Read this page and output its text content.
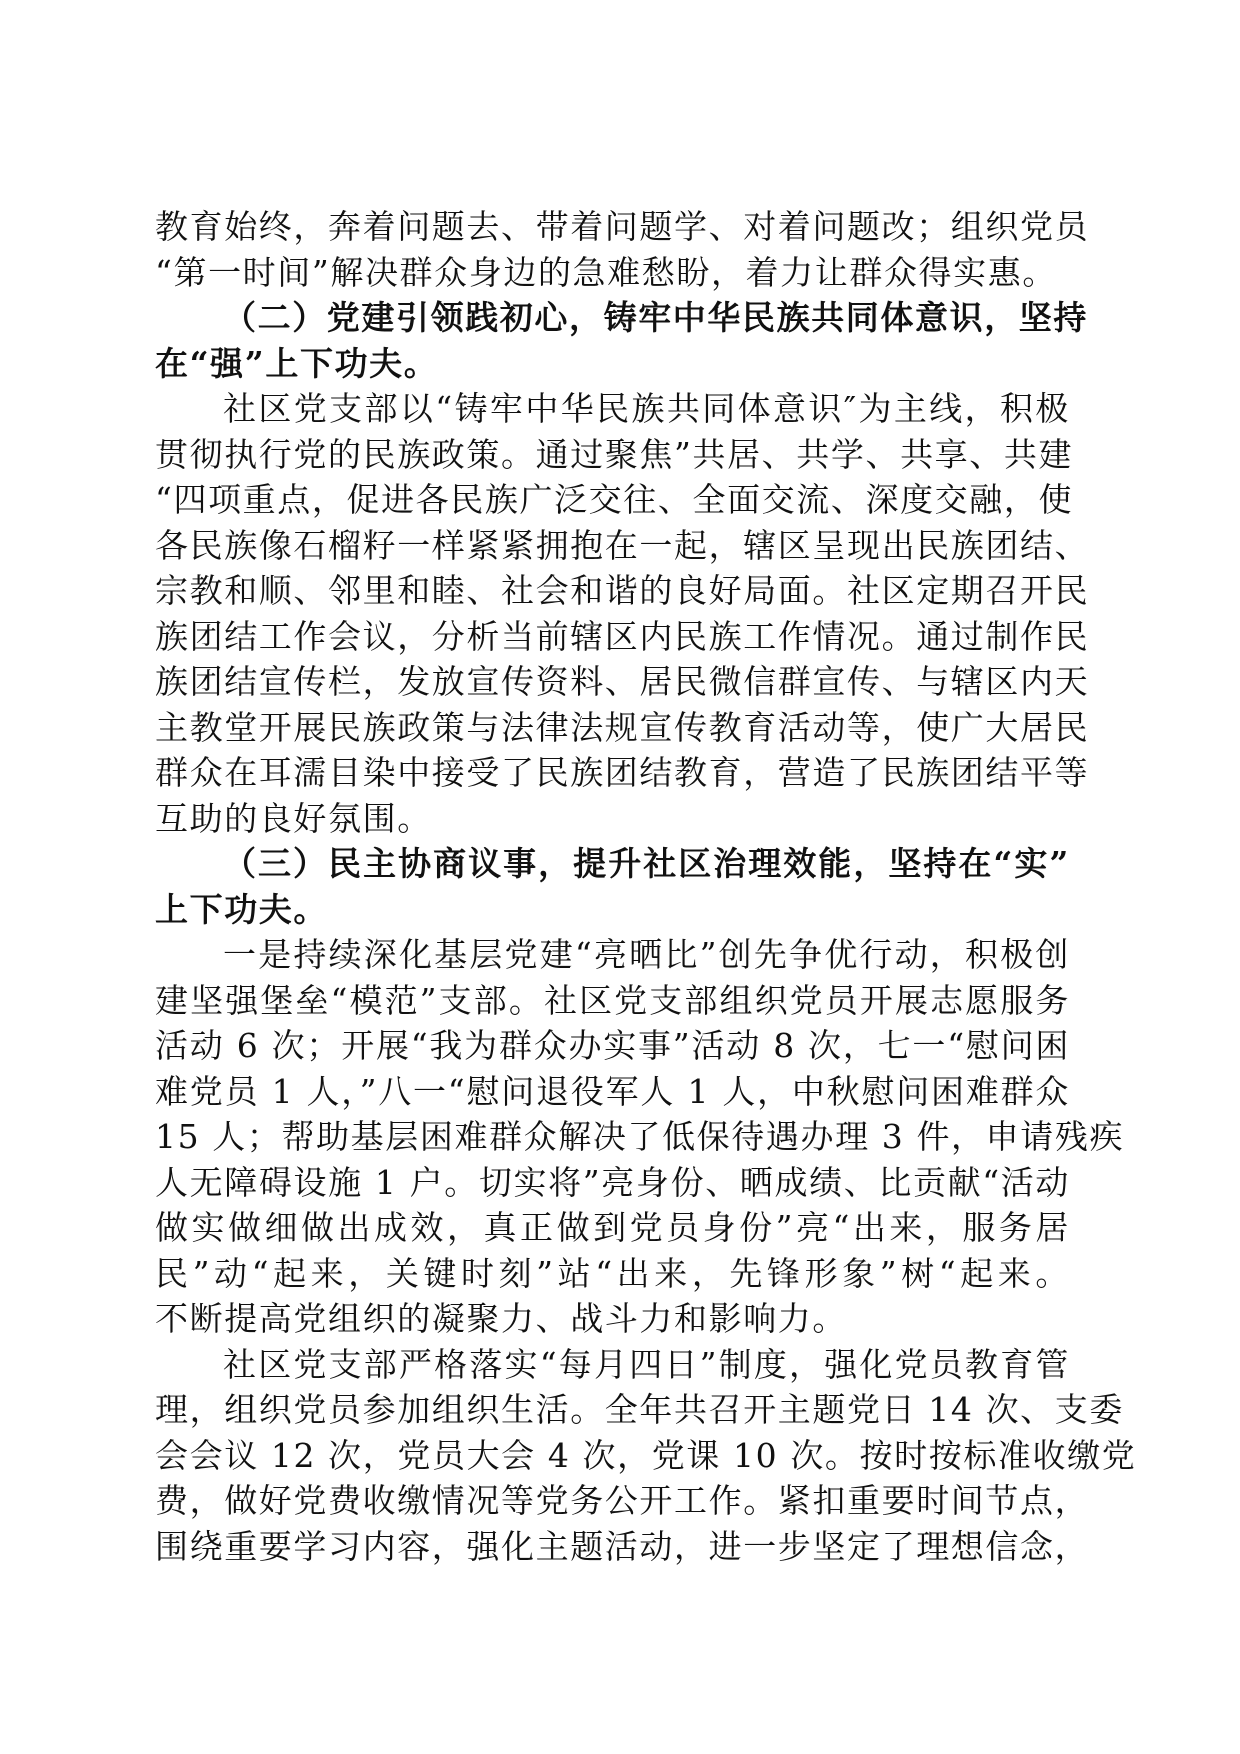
教育始终，奔着问题去、带着问题学、对着问题改；组织党员
“第一时间”解决群众身边的急难愁盼，着力让群众得实惠。

（二）党建引领践初心，铸牢中华民族共同体意识，坚持
在“强”上下功夫。

社区党支部以“铸牢中华民族共同体意识″为主线，积极
贯彻执行党的民族政策。通过聚焦”共居、共学、共享、共建
“四项重点，促进各民族广泛交往、全面交流、深度交融，使
各民族像石榴籽一样紧紧拥抱在一起，辖区呈现出民族团结、
宗教和顺、邻里和睦、社会和谐的良好局面。社区定期召开民
族团结工作会议，分析当前辖区内民族工作情况。通过制作民
族团结宣传栏，发放宣传资料、居民微信群宣传、与辖区内天
主教堂开展民族政策与法律法规宣传教育活动等，使广大居民
群众在耳濡目染中接受了民族团结教育，营造了民族团结平等
互助的良好氛围。

（三）民主协商议事，提升社区治理效能，坚持在“实”
上下功夫。

一是持续深化基层党建“亮晒比”创先争优行动，积极创
建坚强堡垒“模范”支部。社区党支部组织党员开展志愿服务
活动 6 次；开展“我为群众办实事”活动 8 次，七一“慰问困
难党员 1 人，”八一“慰问退役军人 1 人，中秋慰问困难群众
15 人；帮助基层困难群众解决了低保待遇办理 3 件，申请残疾
人无障碍设施 1 户。切实将”亮身份、晒成绩、比贡献“活动
做实做细做出成效，真正做到党员身份”亮“出来，服务居
民”动“起来，关键时刻”站“出来，先锋形象”树“起来。
不断提高党组织的凝聚力、战斗力和影响力。

社区党支部严格落实“每月四日”制度，强化党员教育管
理，组织党员参加组织生活。全年共召开主题党日 14 次、支委
会会议 12 次，党员大会 4 次，党课 10 次。按时按标准收缴党
费，做好党费收缴情况等党务公开工作。紧扣重要时间节点，
围绕重要学习内容，强化主题活动，进一步坚定了理想信念，
